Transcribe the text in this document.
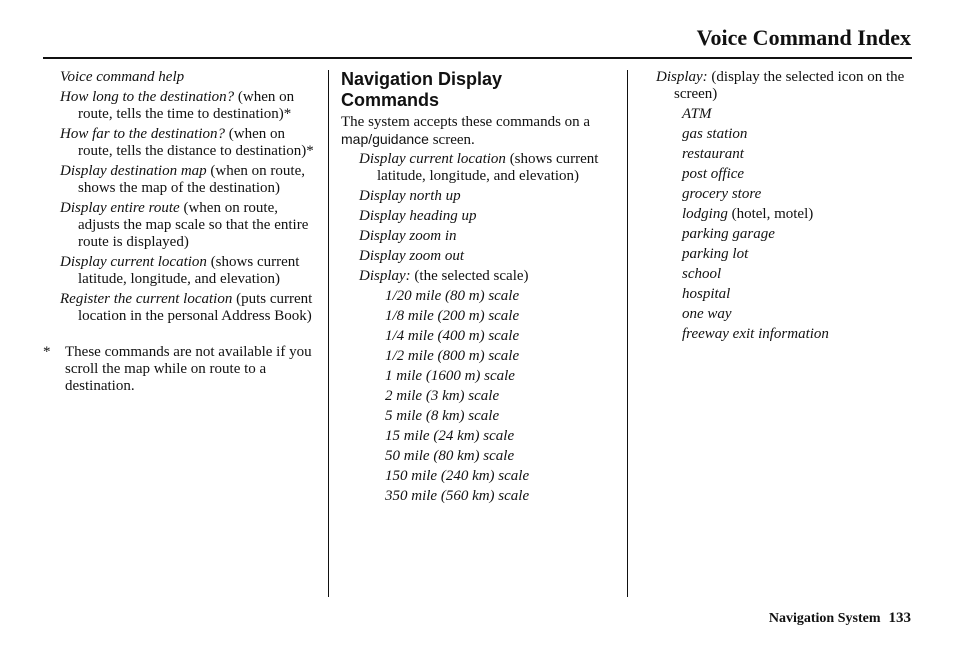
Voice Command Index

Voice command help

How long to the destination? (when on route, tells the time to destination)*

How far to the destination? (when on route, tells the distance to destination)*

Display destination map (when on route, shows the map of the destination)

Display entire route (when on route, adjusts the map scale so that the entire route is displayed)

Display current location (shows current latitude, longitude, and elevation)

Register the current location (puts current location in the personal Address Book)

* These commands are not available if you scroll the map while on route to a destination.
Navigation Display
Commands

The system accepts these commands on a map/guidance screen.

Display current location (shows current latitude, longitude, and elevation)

Display north up

Display heading up

Display zoom in

Display zoom out

Display: (the selected scale)

1/20 mile (80 m) scale

1/8 mile (200 m) scale

1/4 mile (400 m) scale

1/2 mile (800 m) scale

1 mile (1600 m) scale

2 mile (3 km) scale

5 mile (8 km) scale

15 mile (24 km) scale

50 mile (80 km) scale

150 mile (240 km) scale

350 mile (560 km) scale

Display: (display the selected icon on the screen)

ATM

gas station

restaurant

post office

grocery store

lodging (hotel, motel)

parking garage

parking lot

school

hospital

one way

freeway exit information

Navigation System 133
